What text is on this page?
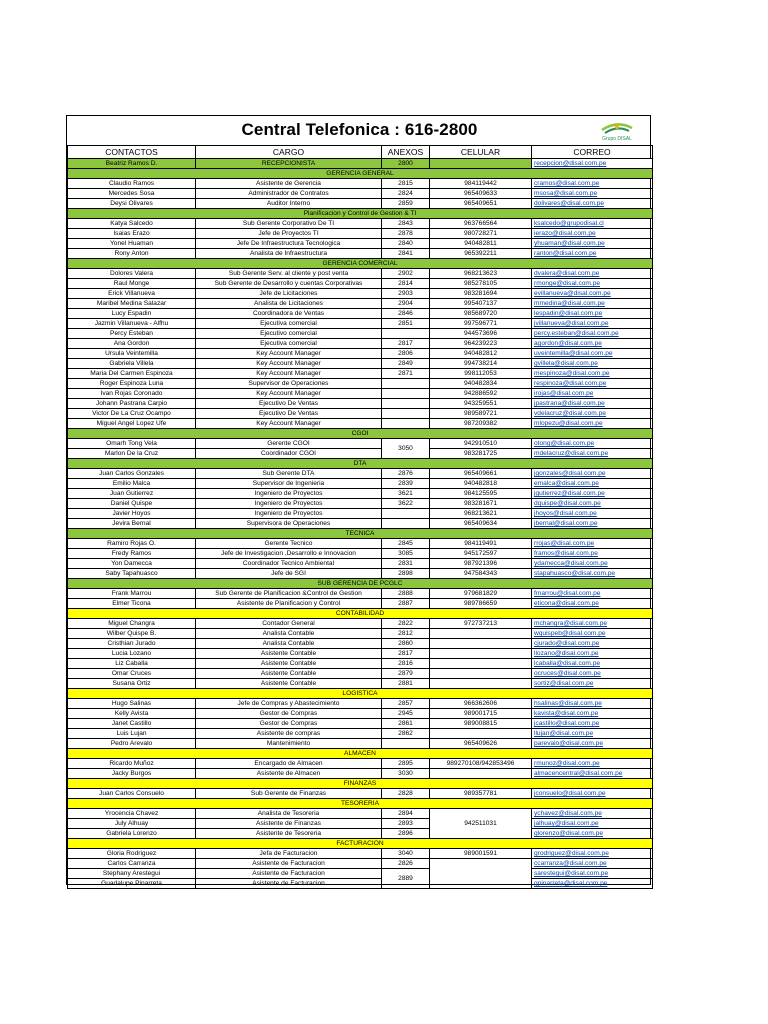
Central Telefonica : 616-2800	Grupo DISAL
CONTACTOS	CARGO	ANEXOS	CELULAR	CORREO
Beatriz Ramos D.	RECEPCIONISTA	2800		recepcion@disal.com.pe
GERENCIA GENERAL				
Claudio Ramos	Asistente de Gerencia	2815	984119442	cramos@disal.com.pe
Mercedes Sosa	Administrador de Contratos	2824	965409633	msosa@disal.com.pe
Deysi Olivares	Auditor Interno	2859	965409651	dolivares@disal.com.pe
Planificacion y Control de Gestion & TI				
Katya Salcedo	Sub Gerente Corporativo De TI	2843	963766564	ksalcedo@grupodisal.cl
Isaias Erazo	Jefe de Proyectos TI	2878	980728271	ierazo@disal.com.pe
Yonel Huaman	Jefe De Infraestructura Tecnologica	2840	940482811	yhuaman@disal.com.pe
Rony Anton	Analista de Infraestructura	2841	965392211	ranton@disal.com.pe
GERENCIA COMERCIAL				
Dolores Valera	Sub Gerente Serv. al cliente y post venta	2902	968213623	dvalera@disal.com.pe
Raul Monge	Sub Gerente de Desarrollo y cuentas Corporativas	2814	985278105	rmonge@disal.com.pe
Erick Villanueva	Jefe de Licitaciones	2903	983281694	evillanueva@disal.com.pe
Maribel Medina Salazar	Analista de Licitaciones	2904	995407137	mmedina@disal.com.pe
Lucy Espadin	Coordinadora de Ventas	2846	985689720	lespadin@disal.com.pe
Jazmin Villanueva - Alfhu	Ejecutiva comercial	2851	997596771	jvillanueva@disal.com.pe
Percy Esteban	Ejecutivo comercial		944573696	percy.esteban@disal.com.pe
Ana Gordon	Ejecutiva comercial	2817	964239223	agordon@disal.com.pe
Ursula Veintemilla	Key Account Manager	2806	940482812	uveintemilla@disal.com.pe
Gabriela Villela	Key Account Manager	2849	994738214	gvillela@disal.com.pe
Maria Del Carmen Espinoza	Key Account Manager	2871	998112053	mespinoza@disal.com.pe
Roger Espinoza Luna	Supervisor de Operaciones		940482834	respinoza@disal.com.pe
Ivan Rojas Coronado	Key Account Manager		942886592	irojas@disal.com.pe
Johann Pastrana Carpio	Ejecutivo De Ventas		943259551	jpastrana@disal.com.pe
Victor De La Cruz Ocampo	Ejecutivo De Ventas		989589721	vdelacruz@disal.com.pe
Miguel Angel Lopez Ufe	Key Account Manager		987209382	mlopezu@disal.com.pe
CGOI				
Omarh Tong Vela	Gerente CGOI	3050	942910510	otong@disal.com.pe
Marlon De la Cruz	Coordinador CGOI		983281725	mdelacruz@disal.com.pe
DTA				
Juan Carlos Gonzales	Sub Gerente DTA	2876	965409661	jgonzales@disal.com.pe
Emilio Malca	Supervisor de Ingenieria	2839	940482818	emalca@disal.com.pe
Juan Gutierrez	Ingeniero de Proyectos	3621	984125595	jgutierrez@disal.com.pe
Daniel Quispe	Ingeniero de Proyectos	3622	983281671	dquispe@disal.com.pe
Javier Hoyos	Ingeniero de Proyectos		968213621	jhoyos@disal.com.pe
Jevira Bernal	Supervisora de Operaciones		965409634	jbernal@disal.com.pe
TECNICA				
Ramiro Rojas O.	Gerente Tecnico	2845	984119491	rrojas@disal.com.pe
Fredy Ramos	Jefe de Investigacion ,Desarrollo e Innovacion	3085	945172597	framos@disal.com.pe
Yon Damecca	Coordinador Tecnico Ambiental	2831	987921396	ydamecca@disal.com.pe
Saby Tapahuasco	Jefe de SGI	2898	947584343	stapahuasco@disal.com.pe
SUB GERENCIA DE PCGLC				
Frank Marrou	Sub Gerente de Planificacion &Control de Gestion	2888	979681829	fmarrou@disal.com.pe
Elmer Ticona	Asistente de Planificacion y Control	2887	989786659	eticona@disal.com.pe
CONTABILIDAD				
Miguel Changra	Contador General	2822	972737213	mchangra@disal.com.pe
Wilber Quispe B.	Analista Contable	2812		wquispeb@disal.com.pe
Cristhian Jurado	Analista Contable	2860		cjurado@disal.com.pe
Lucia Lozano	Asistente Contable	2817		llozano@disal.com.pe
Liz Caballa	Asistente Contable	2816		lcaballa@disal.com.pe
Omar Cruces	Asistente Contable	2879		ocruces@disal.com.pe
Susana Ortiz	Asistente Contable	2881		sortiz@disal.com.pe
LOGISTICA				
Hugo Salinas	Jefe de Compras y Abastecimiento	2857	966362606	hsalinas@disal.com.pe
Kelly Avista	Gestor de Compras	2945	989001715	kavista@disal.com.pe
Janet Castillo	Gestor de Compras	2861	989008815	jcastillo@disal.com.pe
Luis Lujan	Asistente de compras	2862		llujan@disal.com.pe
Pedro Arevalo	Mantenimiento		965409626	parevalo@disal.com.pe
ALMACEN				
Ricardo Muñoz	Encargado de Almacen	2895	989270108/942853496	rmunoz@disal.com.pe
Jacky Burgos	Asistente de Almacen	3030		almacencentral@disal.com.pe
FINANZAS				
Juan Carlos Consuelo	Sub Gerente de Finanzas	2828	989357781	jconsuelo@disal.com.pe
TESORERIA				
Yrocencia Chavez	Analista de Tesoreria	2894	942511031	ychavez@disal.com.pe
July Alhuay	Asistente de Finanzas	2893		jalhuay@disal.com.pe
Gabriela Lorenzo	Asistente de Tesoreria	2896		glorenzo@disal.com.pe
FACTURACION				
Gloria Rodriguez	Jefa de Facturacion	3040	989001591	grodriguez@disal.com.pe
Carlos Carranza	Asistente de Facturacion	2826		ccarranza@disal.com.pe
Stephany Arestegui	Asistente de Facturacion	2889		sarestegui@disal.com.pe
Guadalupe Pinarreta	Asistente de Facturacion			gpinarreta@disal.com.pe
